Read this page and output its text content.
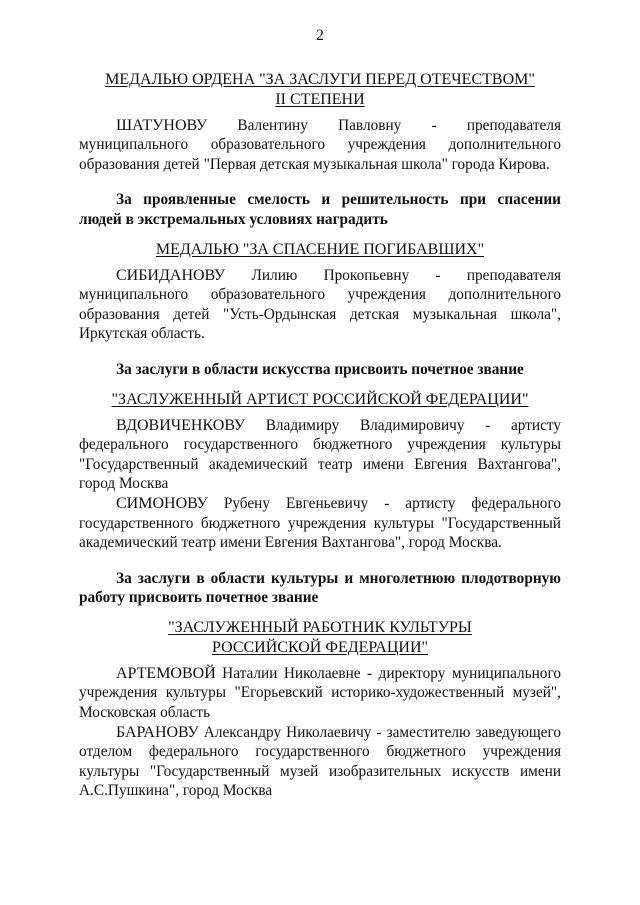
2
МЕДАЛЬЮ ОРДЕНА "ЗА ЗАСЛУГИ ПЕРЕД ОТЕЧЕСТВОМ"
II СТЕПЕНИ
ШАТУНОВУ Валентину Павловну - преподавателя муниципального образовательного учреждения дополнительного образования детей "Первая детская музыкальная школа" города Кирова.
За проявленные смелость и решительность при спасении людей в экстремальных условиях наградить
МЕДАЛЬЮ "ЗА СПАСЕНИЕ ПОГИБАВШИХ"
СИБИДАНОВУ Лилию Прокопьевну - преподавателя муниципального образовательного учреждения дополнительного образования детей "Усть-Ордынская детская музыкальная школа", Иркутская область.
За заслуги в области искусства присвоить почетное звание
"ЗАСЛУЖЕННЫЙ АРТИСТ РОССИЙСКОЙ ФЕДЕРАЦИИ"
ВДОВИЧЕНКОВУ Владимиру Владимировичу - артисту федерального государственного бюджетного учреждения культуры "Государственный академический театр имени Евгения Вахтангова", город Москва
СИМОНОВУ Рубену Евгеньевичу - артисту федерального государственного бюджетного учреждения культуры "Государственный академический театр имени Евгения Вахтангова", город Москва.
За заслуги в области культуры и многолетнюю плодотворную работу присвоить почетное звание
"ЗАСЛУЖЕННЫЙ РАБОТНИК КУЛЬТУРЫ
РОССИЙСКОЙ ФЕДЕРАЦИИ"
АРТЕМОВОЙ Наталии Николаевне - директору муниципального учреждения культуры "Егорьевский историко-художественный музей", Московская область
БАРАНОВУ Александру Николаевичу - заместителю заведующего отделом федерального государственного бюджетного учреждения культуры "Государственный музей изобразительных искусств имени А.С.Пушкина", город Москва
